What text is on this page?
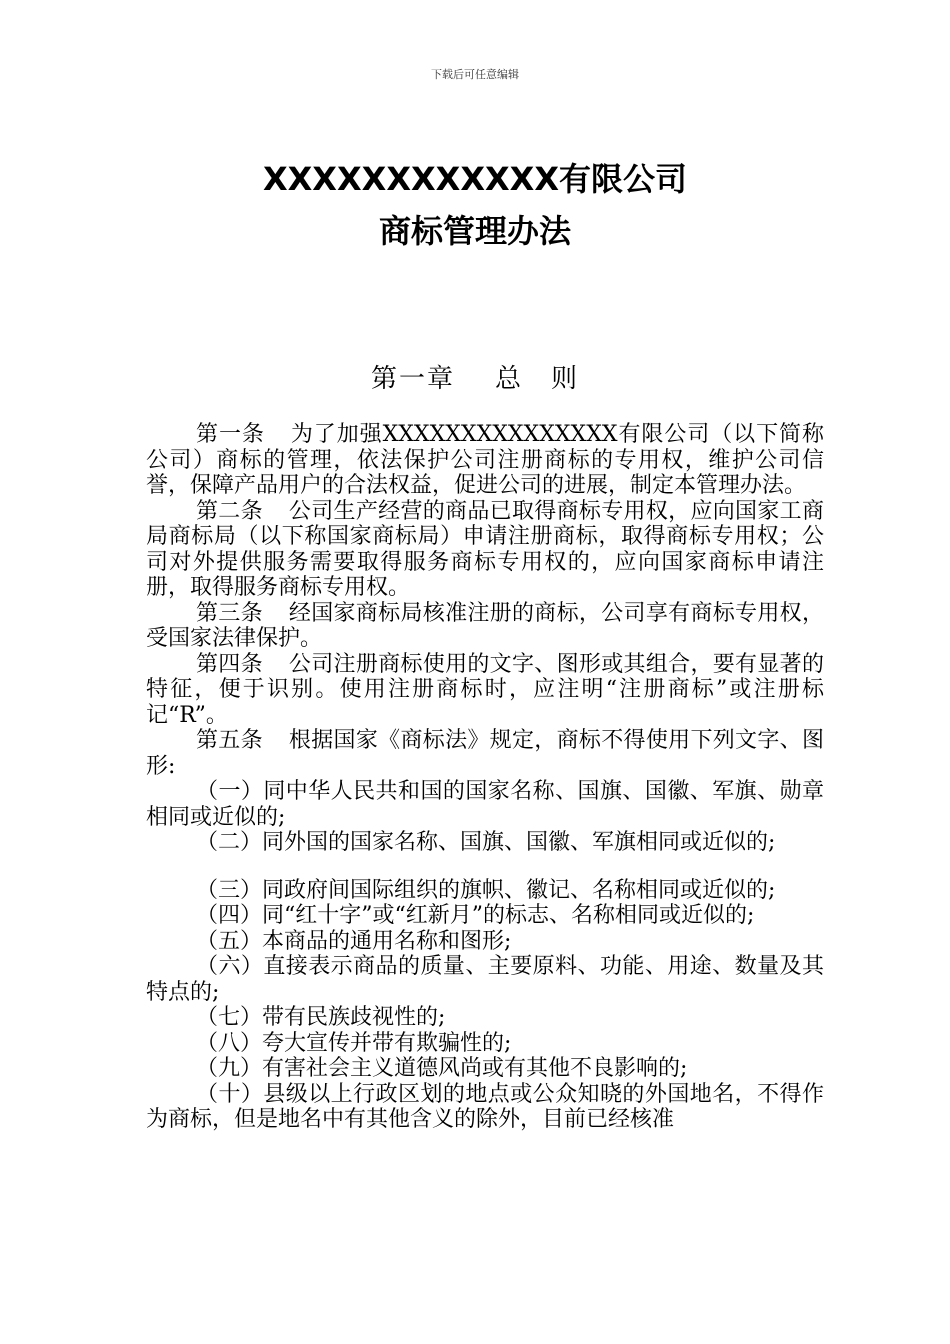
下载后可任意编辑
XXXXXXXXXXXX有限公司
商标管理办法
第一章 总 则

第一条 为了加强XXXXXXXXXXXXXXX有限公司（以下简称公司）商标的管理，依法保护公司注册商标的专用权，维护公司信誉，保障产品用户的合法权益，促进公司的进展，制定本管理办法。

第二条 公司生产经营的商品已取得商标专用权，应向国家工商局商标局（以下称国家商标局）申请注册商标，取得商标专用权；公司对外提供服务需要取得服务商标专用权的，应向国家商标申请注册，取得服务商标专用权。

第三条 经国家商标局核准注册的商标，公司享有商标专用权，受国家法律保护。

第四条 公司注册商标使用的文字、图形或其组合，要有显著的特征，便于识别。使用注册商标时，应注明“注册商标”或注册标记“R”。

第五条 根据国家《商标法》规定，商标不得使用下列文字、图形:

（一）同中华人民共和国的国家名称、国旗、国徽、军旗、勋章相同或近似的;

（二）同外国的国家名称、国旗、国徽、军旗相同或近似的;

（三）同政府间国际组织的旗帜、徽记、名称相同或近似的;

（四）同“红十字”或“红新月”的标志、名称相同或近似的;

（五）本商品的通用名称和图形;

（六）直接表示商品的质量、主要原料、功能、用途、数量及其特点的;

（七）带有民族歧视性的;

（八）夸大宣传并带有欺骗性的;

（九）有害社会主义道德风尚或有其他不良影响的;

（十）县级以上行政区划的地点或公众知晓的外国地名，不得作为商标，但是地名中有其他含义的除外，目前已经核准
